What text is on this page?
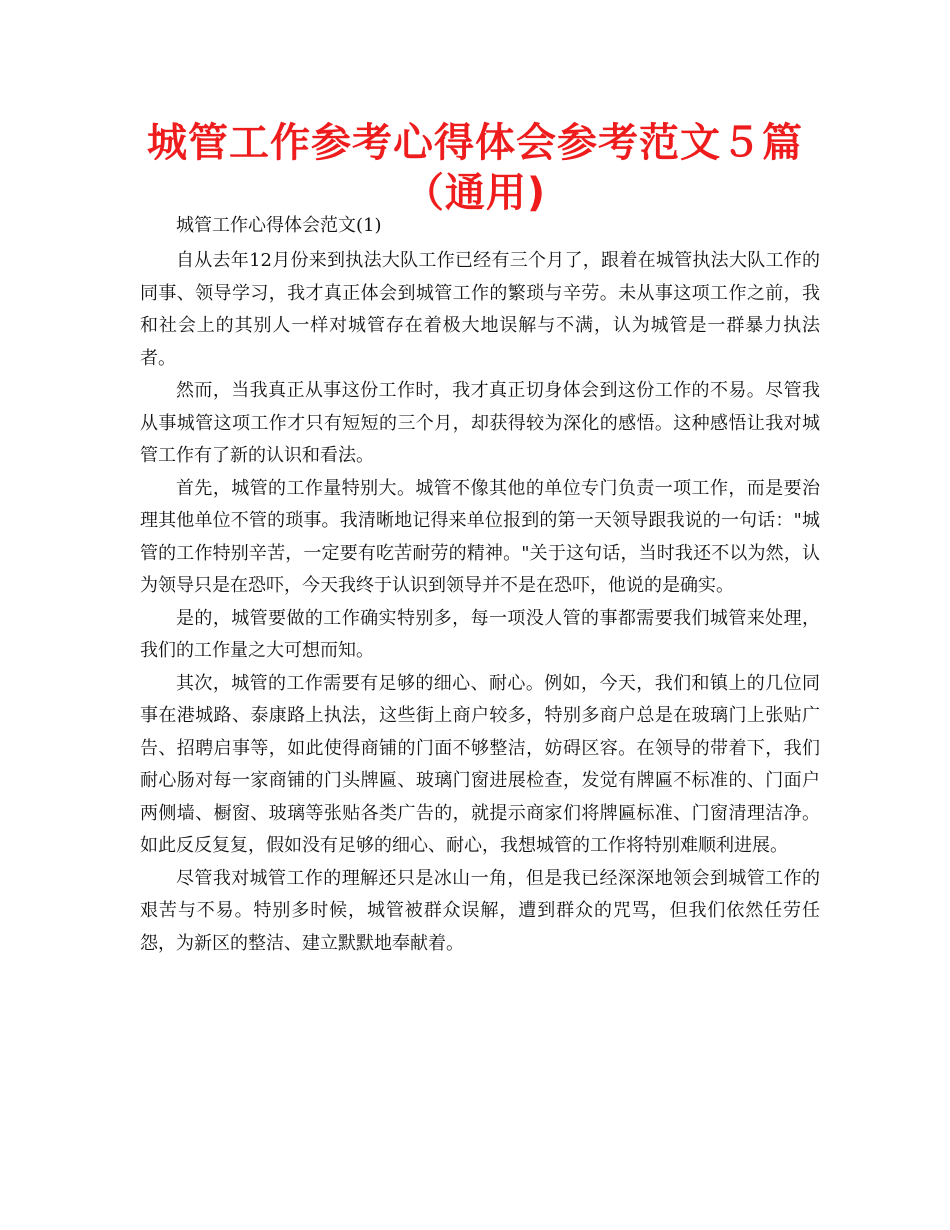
城管工作参考心得体会参考范文５篇（通用)

城管工作心得体会范文(1)

自从去年12月份来到执法大队工作已经有三个月了，跟着在城管执法大队工作的同事、领导学习，我才真正体会到城管工作的繁琐与辛劳。未从事这项工作之前，我和社会上的其别人一样对城管存在着极大地误解与不满，认为城管是一群暴力执法者。

然而，当我真正从事这份工作时，我才真正切身体会到这份工作的不易。尽管我从事城管这项工作才只有短短的三个月，却获得较为深化的感悟。这种感悟让我对城管工作有了新的认识和看法。

首先，城管的工作量特别大。城管不像其他的单位专门负责一项工作，而是要治理其他单位不管的琐事。我清晰地记得来单位报到的第一天领导跟我说的一句话："城管的工作特别辛苦，一定要有吃苦耐劳的精神。"关于这句话，当时我还不以为然，认为领导只是在恐吓，今天我终于认识到领导并不是在恐吓，他说的是确实。

是的，城管要做的工作确实特别多，每一项没人管的事都需要我们城管来处理，我们的工作量之大可想而知。

其次，城管的工作需要有足够的细心、耐心。例如，今天，我们和镇上的几位同事在港城路、泰康路上执法，这些街上商户较多，特别多商户总是在玻璃门上张贴广告、招聘启事等，如此使得商铺的门面不够整洁，妨碍区容。在领导的带着下，我们耐心肠对每一家商铺的门头牌匾、玻璃门窗进展检查，发觉有牌匾不标准的、门面户两侧墙、橱窗、玻璃等张贴各类广告的，就提示商家们将牌匾标准、门窗清理洁净。如此反反复复，假如没有足够的细心、耐心，我想城管的工作将特别难顺利进展。

尽管我对城管工作的理解还只是冰山一角，但是我已经深深地领会到城管工作的艰苦与不易。特别多时候，城管被群众误解，遭到群众的咒骂，但我们依然任劳任怨，为新区的整洁、建立默默地奉献着。
